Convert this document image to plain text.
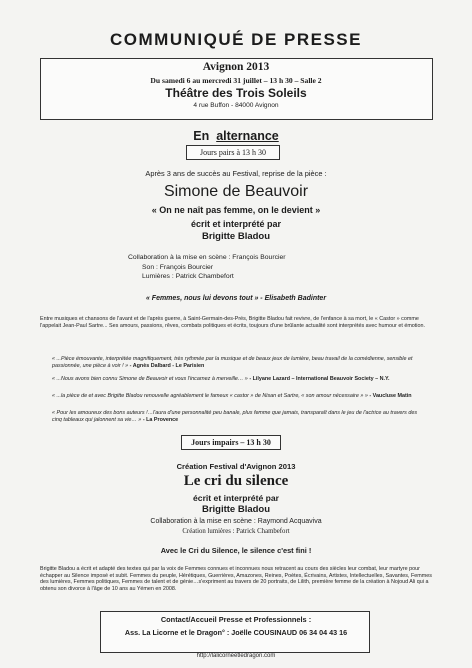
COMMUNIQUÉ DE PRESSE
Avignon 2013
Du samedi 6 au mercredi 31 juillet – 13 h 30 – Salle 2
Théâtre des Trois Soleils
4 rue Buffon - 84000 Avignon
En alternance
Jours pairs à 13 h 30
Après 3 ans de succès au Festival, reprise de la pièce :
Simone de Beauvoir
« On ne naît pas femme, on le devient »
écrit et interprété par
Brigitte Bladou
Collaboration à la mise en scène : François Bourcier
Son : François Bourcier
Lumières : Patrick Chambefort
« Femmes, nous lui devons tout » - Elisabeth Badinter
Entre musiques et chansons de l'avant et de l'après guerre, à Saint-Germain-des-Prés, Brigitte Bladou fait revivre, de l'enfance à sa mort, le « Castor » comme l'appelait Jean-Paul Sartre... Ses amours, passions, rêves, combats politiques et écrits, toujours d'une brûlante actualité sont interprétés avec humour et émotion.
« ...Pièce émouvante, interprétée magnifiquement, très rythmée par la musique et de beaux jeux de lumière, beau travail de la comédienne, sensible et passionnée, une pièce à voir ! » - Agnès Dalbard - Le Parisien
« ...Nous avons bien connu Simone de Beauvoir et vous l'incarnez à merveille… » - Lilyane Lazard – International Beauvoir Society – N.Y.
« ...la pièce de et avec Brigitte Bladou renouvelle agréablement le fameux « castor » de Nisan et Sartre, « son amour nécessaire » » - Vaucluse Matin
« Pour les amoureux des bons auteurs !…l'aura d'une personnalité peu banale, plus femme que jamais, transparaît dans le jeu de l'actrice au travers des cinq tableaux qui jalonnent sa vie… » - La Provence
Jours impairs – 13 h 30
Création Festival d'Avignon 2013
Le cri du silence
écrit et interprété par
Brigitte Bladou
Collaboration à la mise en scène : Raymond Acquaviva
Création lumières : Patrick Chambefort
Avec le Cri du Silence, le silence c'est fini !
Brigitte Bladou a écrit et adapté des textes qui par la voix de Femmes connues et inconnues nous retracent au cours des siècles leur combat, leur martyre pour échapper au Silence imposé et subit. Femmes du peuple, Hérétiques, Guerrières, Amazones, Reines, Poètes, Écrivains, Artistes, Intellectuelles, Savantes, Femmes des lumières, Femmes politiques, Femmes de talent et de génie…s'expriment au travers de 20 portraits, de Lilith, première femme de la création à Nojoud Ali qui a obtenu son divorce à l'âge de 10 ans au Yémen en 2008.
Contact/Accueil Presse et Professionnels :
Ass. La Licorne et le Dragon° : Joëlle COUSINAUD 06 34 04 43 16
http://lalicorneetledragon.com
